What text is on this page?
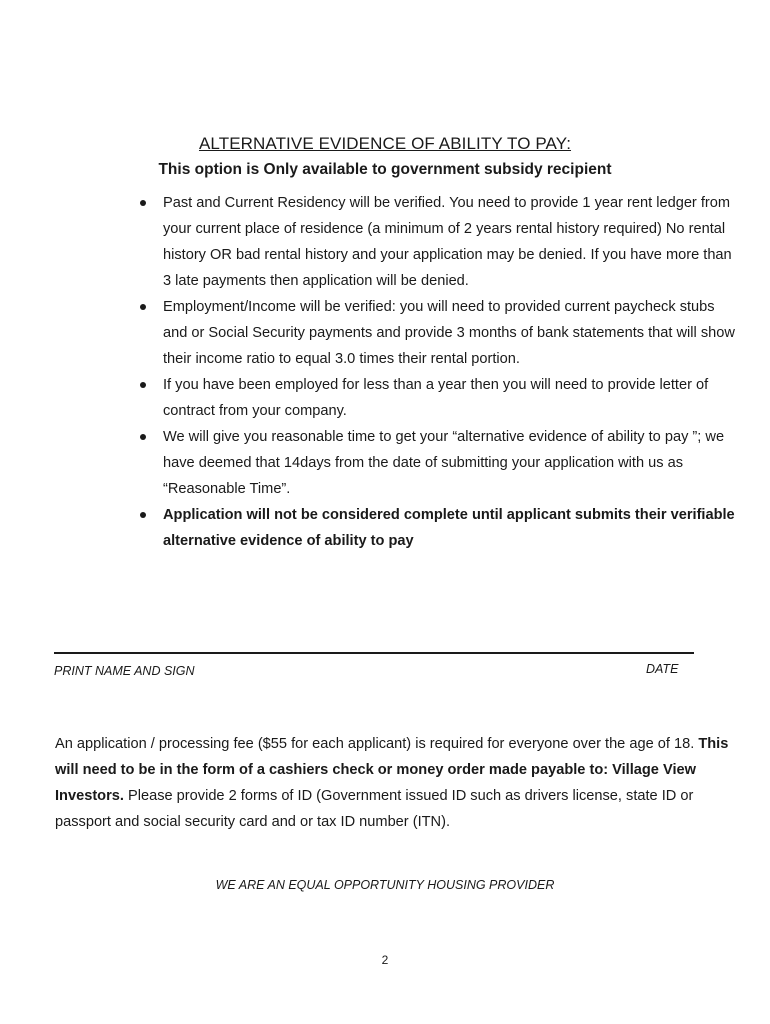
ALTERNATIVE EVIDENCE OF ABILITY TO PAY:
This option is Only available to government subsidy recipient
Past and Current Residency will be verified. You need to provide 1 year rent ledger from your current place of residence (a minimum of 2 years rental history required) No rental history OR bad rental history and your application may be denied. If you have more than 3 late payments then application will be denied.
Employment/Income will be verified: you will need to provided current paycheck stubs and or Social Security payments and provide 3 months of bank statements that will show their income ratio to equal 3.0 times their rental portion.
If you have been employed for less than a year then you will need to provide letter of contract from your company.
We will give you reasonable time to get your “alternative evidence of ability to pay ”; we have deemed that 14days from the date of submitting your application with us as “Reasonable Time”.
Application will not be considered complete until applicant submits their verifiable alternative evidence of ability to pay
PRINT NAME AND SIGN	DATE

An application / processing fee ($55 for each applicant) is required for everyone over the age of 18. This will need to be in the form of a cashiers check or money order made payable to: Village View Investors. Please provide 2 forms of ID (Government issued ID such as drivers license, state ID or passport and social security card and or tax ID number (ITN).

WE ARE AN EQUAL OPPORTUNITY HOUSING PROVIDER
2
